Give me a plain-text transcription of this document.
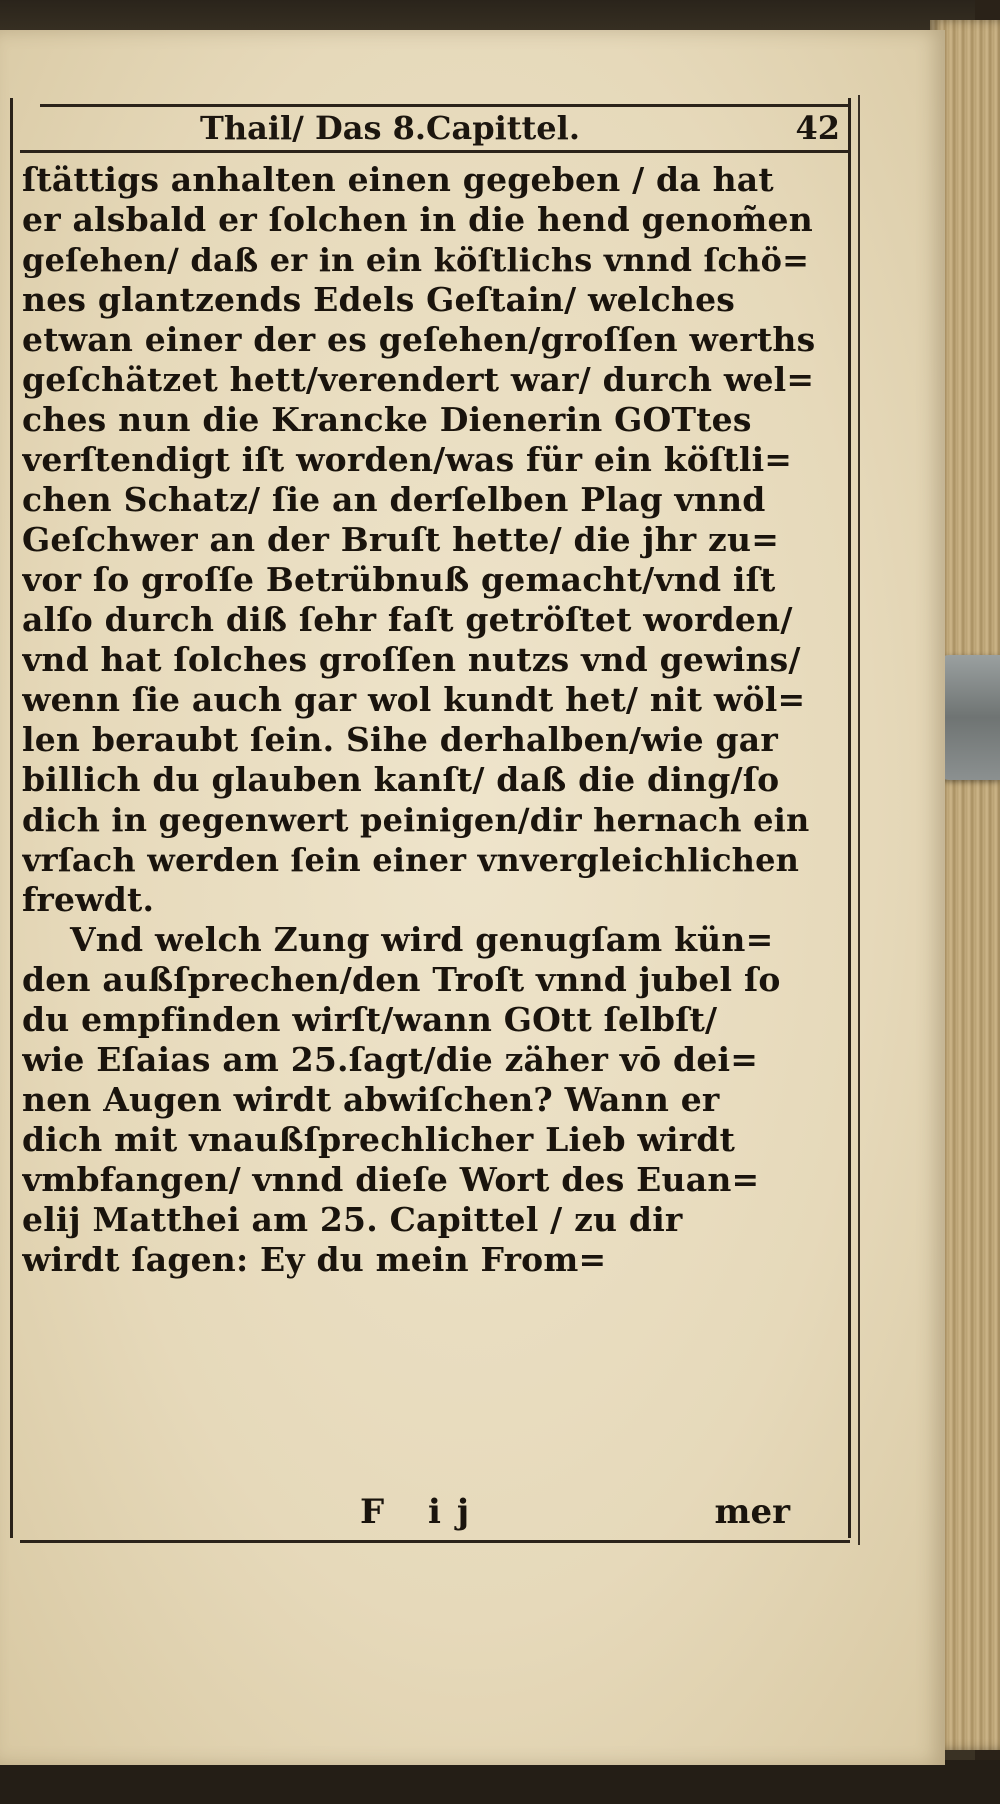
Thail/ Das 8.Capittel.	42
ſtättigs anhalten einen gegeben / da hat
er alsbald er ſolchen in die hend genom̃en
geſehen/ daß er in ein köſtlichs vnnd ſchö=
nes glantzends Edels Geſtain/ welches
etwan einer der es geſehen/groſſen werths
geſchätzet hett/verendert war/ durch wel=
ches nun die Krancke Dienerin GOTtes
verſtendigt iſt worden/was für ein köſtli=
chen Schatz/ ſie an derſelben Plag vnnd
Geſchwer an der Bruſt hette/ die jhr zu=
vor ſo groſſe Betrübnuß gemacht/vnd iſt
alſo durch diß ſehr faſt getröſtet worden/
vnd hat ſolches groſſen nutzs vnd gewins/
wenn ſie auch gar wol kundt het/ nit wöl=
len beraubt ſein. Sihe derhalben/wie gar
billich du glauben kanſt/ daß die ding/ſo
dich in gegenwert peinigen/dir hernach ein
vrſach werden ſein einer vnvergleichlichen
frewdt.
Vnd welch Zung wird genugſam kün=
den außſprechen/den Troſt vnnd jubel ſo
du empfinden wirſt/wann GOtt ſelbſt/
wie Eſaias am 25.ſagt/die zäher vō dei=
nen Augen wirdt abwiſchen? Wann er
dich mit vnaußſprechlicher Lieb wirdt
vmbfangen/ vnnd dieſe Wort des Euan=
elij Matthei am 25. Capittel / zu dir
wirdt ſagen: Ey du mein From=
F ij	mer
